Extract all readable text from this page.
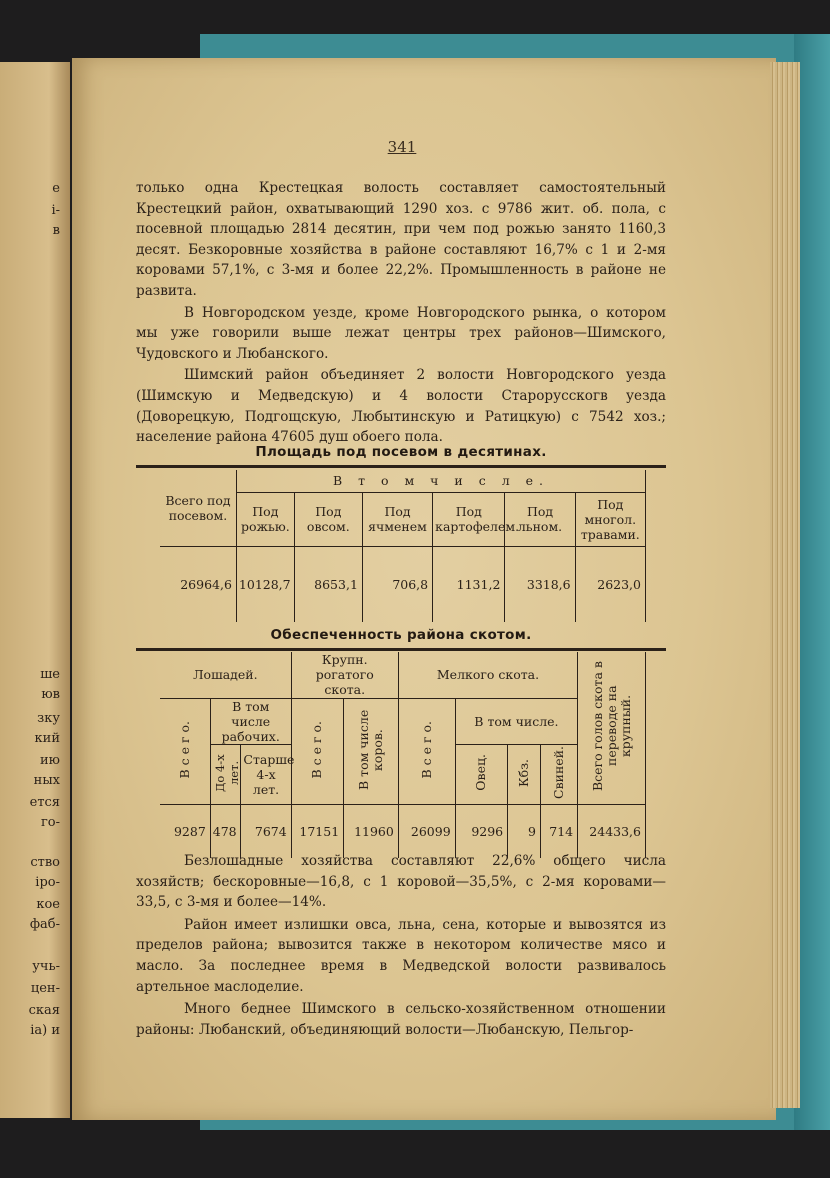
е
і-
в
ше
юв
зку
кий
ию
ных
ется
го-
ство
іро-
кое
фаб-
учь-
цен-
ская
іа) и
341

только одна Крестецкая волость составляет самостоятельный Крестецкий район, охватывающий 1290 хоз. с 9786 жит. об. пола, с посевной площадью 2814 десятин, при чем под рожью занято 1160,3 десят. Безкоровные хозяйства в районе составляют 16,7% с 1 и 2-мя коровами 57,1%, с 3-мя и более 22,2%. Промышленность в районе не развита.

В Новгородском уезде, кроме Новгородского рынка, о котором мы уже говорили выше лежат центры трех районов—Шимского, Чудовского и Любанского.

Шимский район объединяет 2 волости Новгородского уезда (Шимскую и Медведскую) и 4 волости Старорусскогв уезда (Доворецкую, Подгощскую, Любытинскую и Ратицкую) с 7542 хоз.; население района 47605 душ обоего пола.

Площадь под посевом в десятинах.
Всего под посевом.	В т о м ч и с л е.					
	Под рожью.	Под овсом.	Под ячменем	Под картофелем.	Под льном.	Под многол. травами.
26964,6	10128,7	8653,1	706,8	1131,2	3318,6	2623,0
Обеспеченность района скотом.
Лошадей.			Крупн. рогатого скота.		Мелкого скота.				Всего голов скота в переводе на крупный.
В с е г о.	В том числе рабочих.		В с е г о.	В том числе коров.	В с е г о.	В том числе.			
	До 4-х лет.	Старше 4-х лет.				Овец.	Кбз.	Свиней.	
9287	478	7674	17151	11960	26099	9296	9	714	24433,6

Безлошадные хозяйства составляют 22,6% общего числа хозяйств; бескоровные—16,8, с 1 коровой—35,5%, с 2-мя коровами—33,5, с 3-мя и более—14%.

Район имеет излишки овса, льна, сена, которые и вывозятся из пределов района; вывозится также в некотором количестве мясо и масло. За последнее время в Медведской волости развивалось артельное маслоделие.

Много беднее Шимского в сельско-хозяйственном отношении районы: Любанский, объединяющий волости—Любанскую, Пельгор-
